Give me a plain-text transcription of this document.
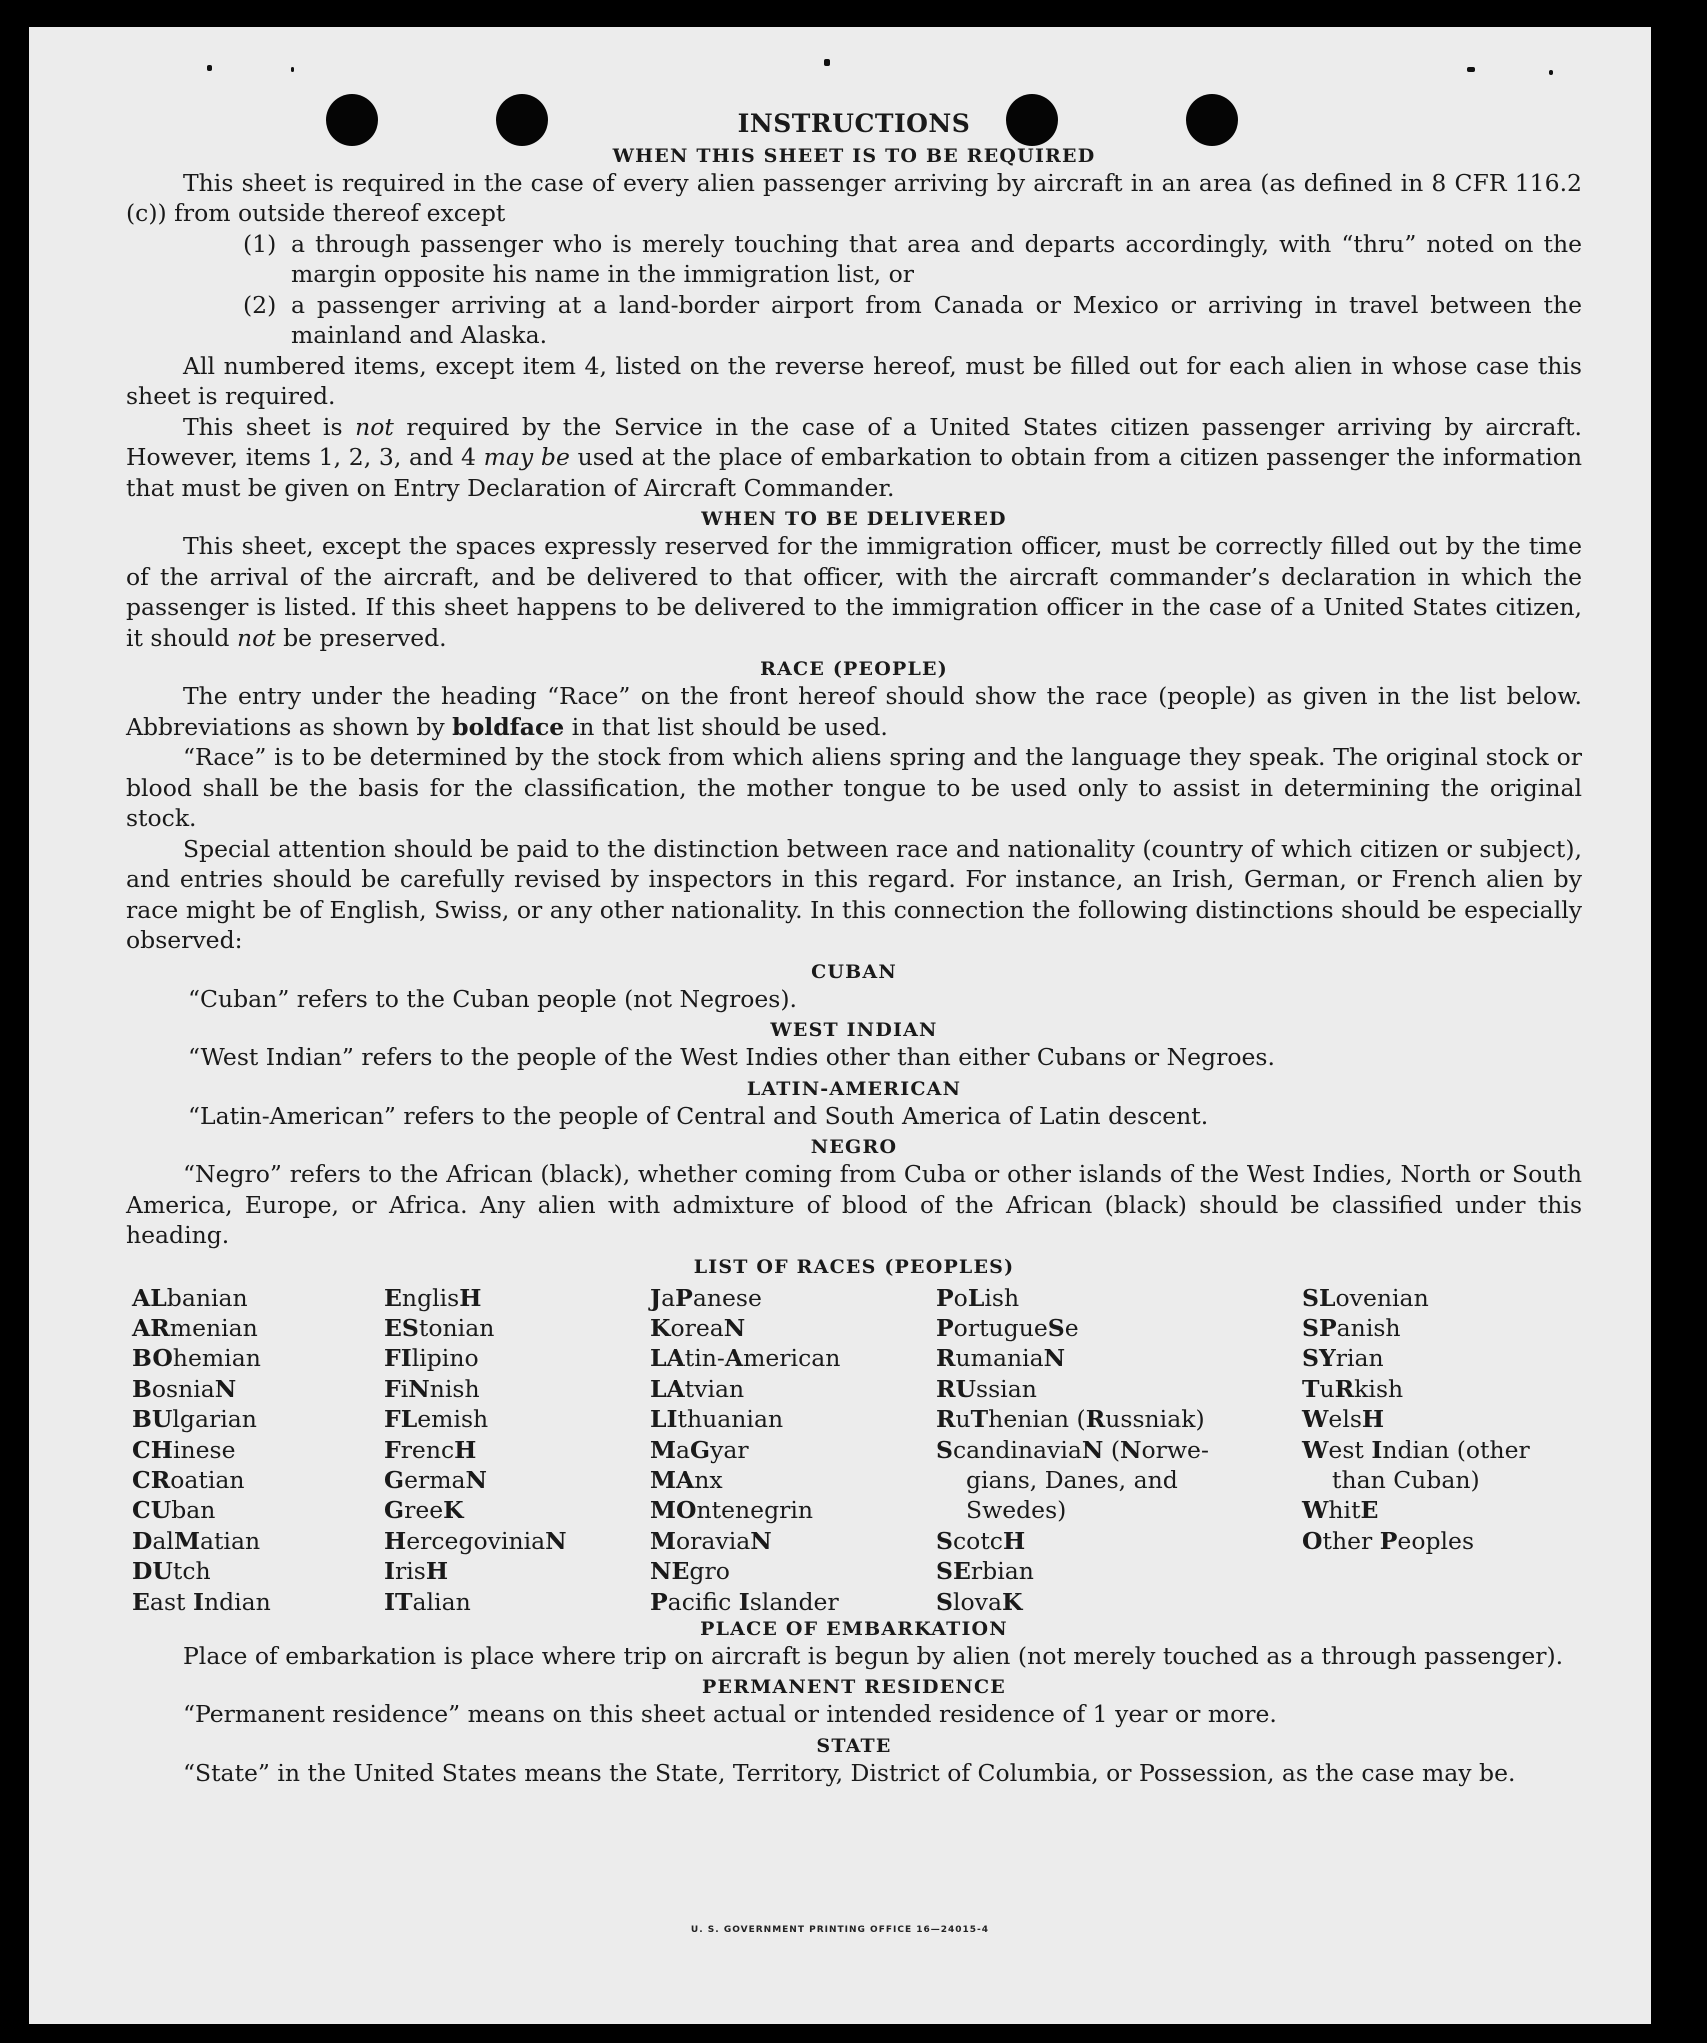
INSTRUCTIONS
WHEN THIS SHEET IS TO BE REQUIRED

This sheet is required in the case of every alien passenger arriving by aircraft in an area (as defined in 8 CFR 116.2 (c)) from outside thereof except

(1) a through passenger who is merely touching that area and departs accordingly, with “thru” noted on the margin opposite his name in the immigration list, or
(2) a passenger arriving at a land-border airport from Canada or Mexico or arriving in travel between the mainland and Alaska.

All numbered items, except item 4, listed on the reverse hereof, must be filled out for each alien in whose case this sheet is required.

This sheet is not required by the Service in the case of a United States citizen passenger arriving by aircraft. However, items 1, 2, 3, and 4 may be used at the place of embarkation to obtain from a citizen passenger the information that must be given on Entry Declaration of Aircraft Commander.

WHEN TO BE DELIVERED

This sheet, except the spaces expressly reserved for the immigration officer, must be correctly filled out by the time of the arrival of the aircraft, and be delivered to that officer, with the aircraft commander’s declaration in which the passenger is listed. If this sheet happens to be delivered to the immigration officer in the case of a United States citizen, it should not be preserved.

RACE (PEOPLE)

The entry under the heading “Race” on the front hereof should show the race (people) as given in the list below. Abbreviations as shown by boldface in that list should be used.

“Race” is to be determined by the stock from which aliens spring and the language they speak. The original stock or blood shall be the basis for the classification, the mother tongue to be used only to assist in determining the original stock.

Special attention should be paid to the distinction between race and nationality (country of which citizen or subject), and entries should be carefully revised by inspectors in this regard. For instance, an Irish, German, or French alien by race might be of English, Swiss, or any other nationality. In this connection the following distinctions should be especially observed:

CUBAN
“Cuban” refers to the Cuban people (not Negroes).
WEST INDIAN
“West Indian” refers to the people of the West Indies other than either Cubans or Negroes.
LATIN-AMERICAN
“Latin-American” refers to the people of Central and South America of Latin descent.
NEGRO

“Negro” refers to the African (black), whether coming from Cuba or other islands of the West Indies, North or South America, Europe, or Africa. Any alien with admixture of blood of the African (black) should be classified under this heading.

LIST OF RACES (PEOPLES)
ALbanian
ARmenian
BOhemian
BosniaN
BUlgarian
CHinese
CRoatian
CUban
DalMatian
DUtch
East Indian
EnglisH
EStonian
FIlipino
FiNnish
FLemish
FrencH
GermaN
GreeK
HercegoviniaN
IrisH
ITalian
JaPanese
KoreaN
LAtin-American
LAtvian
LIthuanian
MaGyar
MAnx
MOntenegrin
MoraviaN
NEgro
Pacifc Islander
PoLish
PortugueSe
RumaniaN
RUssian
RuThenian (Russniak)
ScandinaviaN (Norwe-
gians, Danes, and
Swedes)
ScotcH
SErbian
SlovaK
SLovenian
SPanish
SYrian
TuRkish
WelsH
West Indian (other
than Cuban)
WhitE
Other Peoples
PLACE OF EMBARKATION

Place of embarkation is place where trip on aircraft is begun by alien (not merely touched as a through passenger).

PERMANENT RESIDENCE

“Permanent residence” means on this sheet actual or intended residence of 1 year or more.

STATE

“State” in the United States means the State, Territory, District of Columbia, or Possession, as the case may be.

U. S. GOVERNMENT PRINTING OFFICE 16—24015-4
